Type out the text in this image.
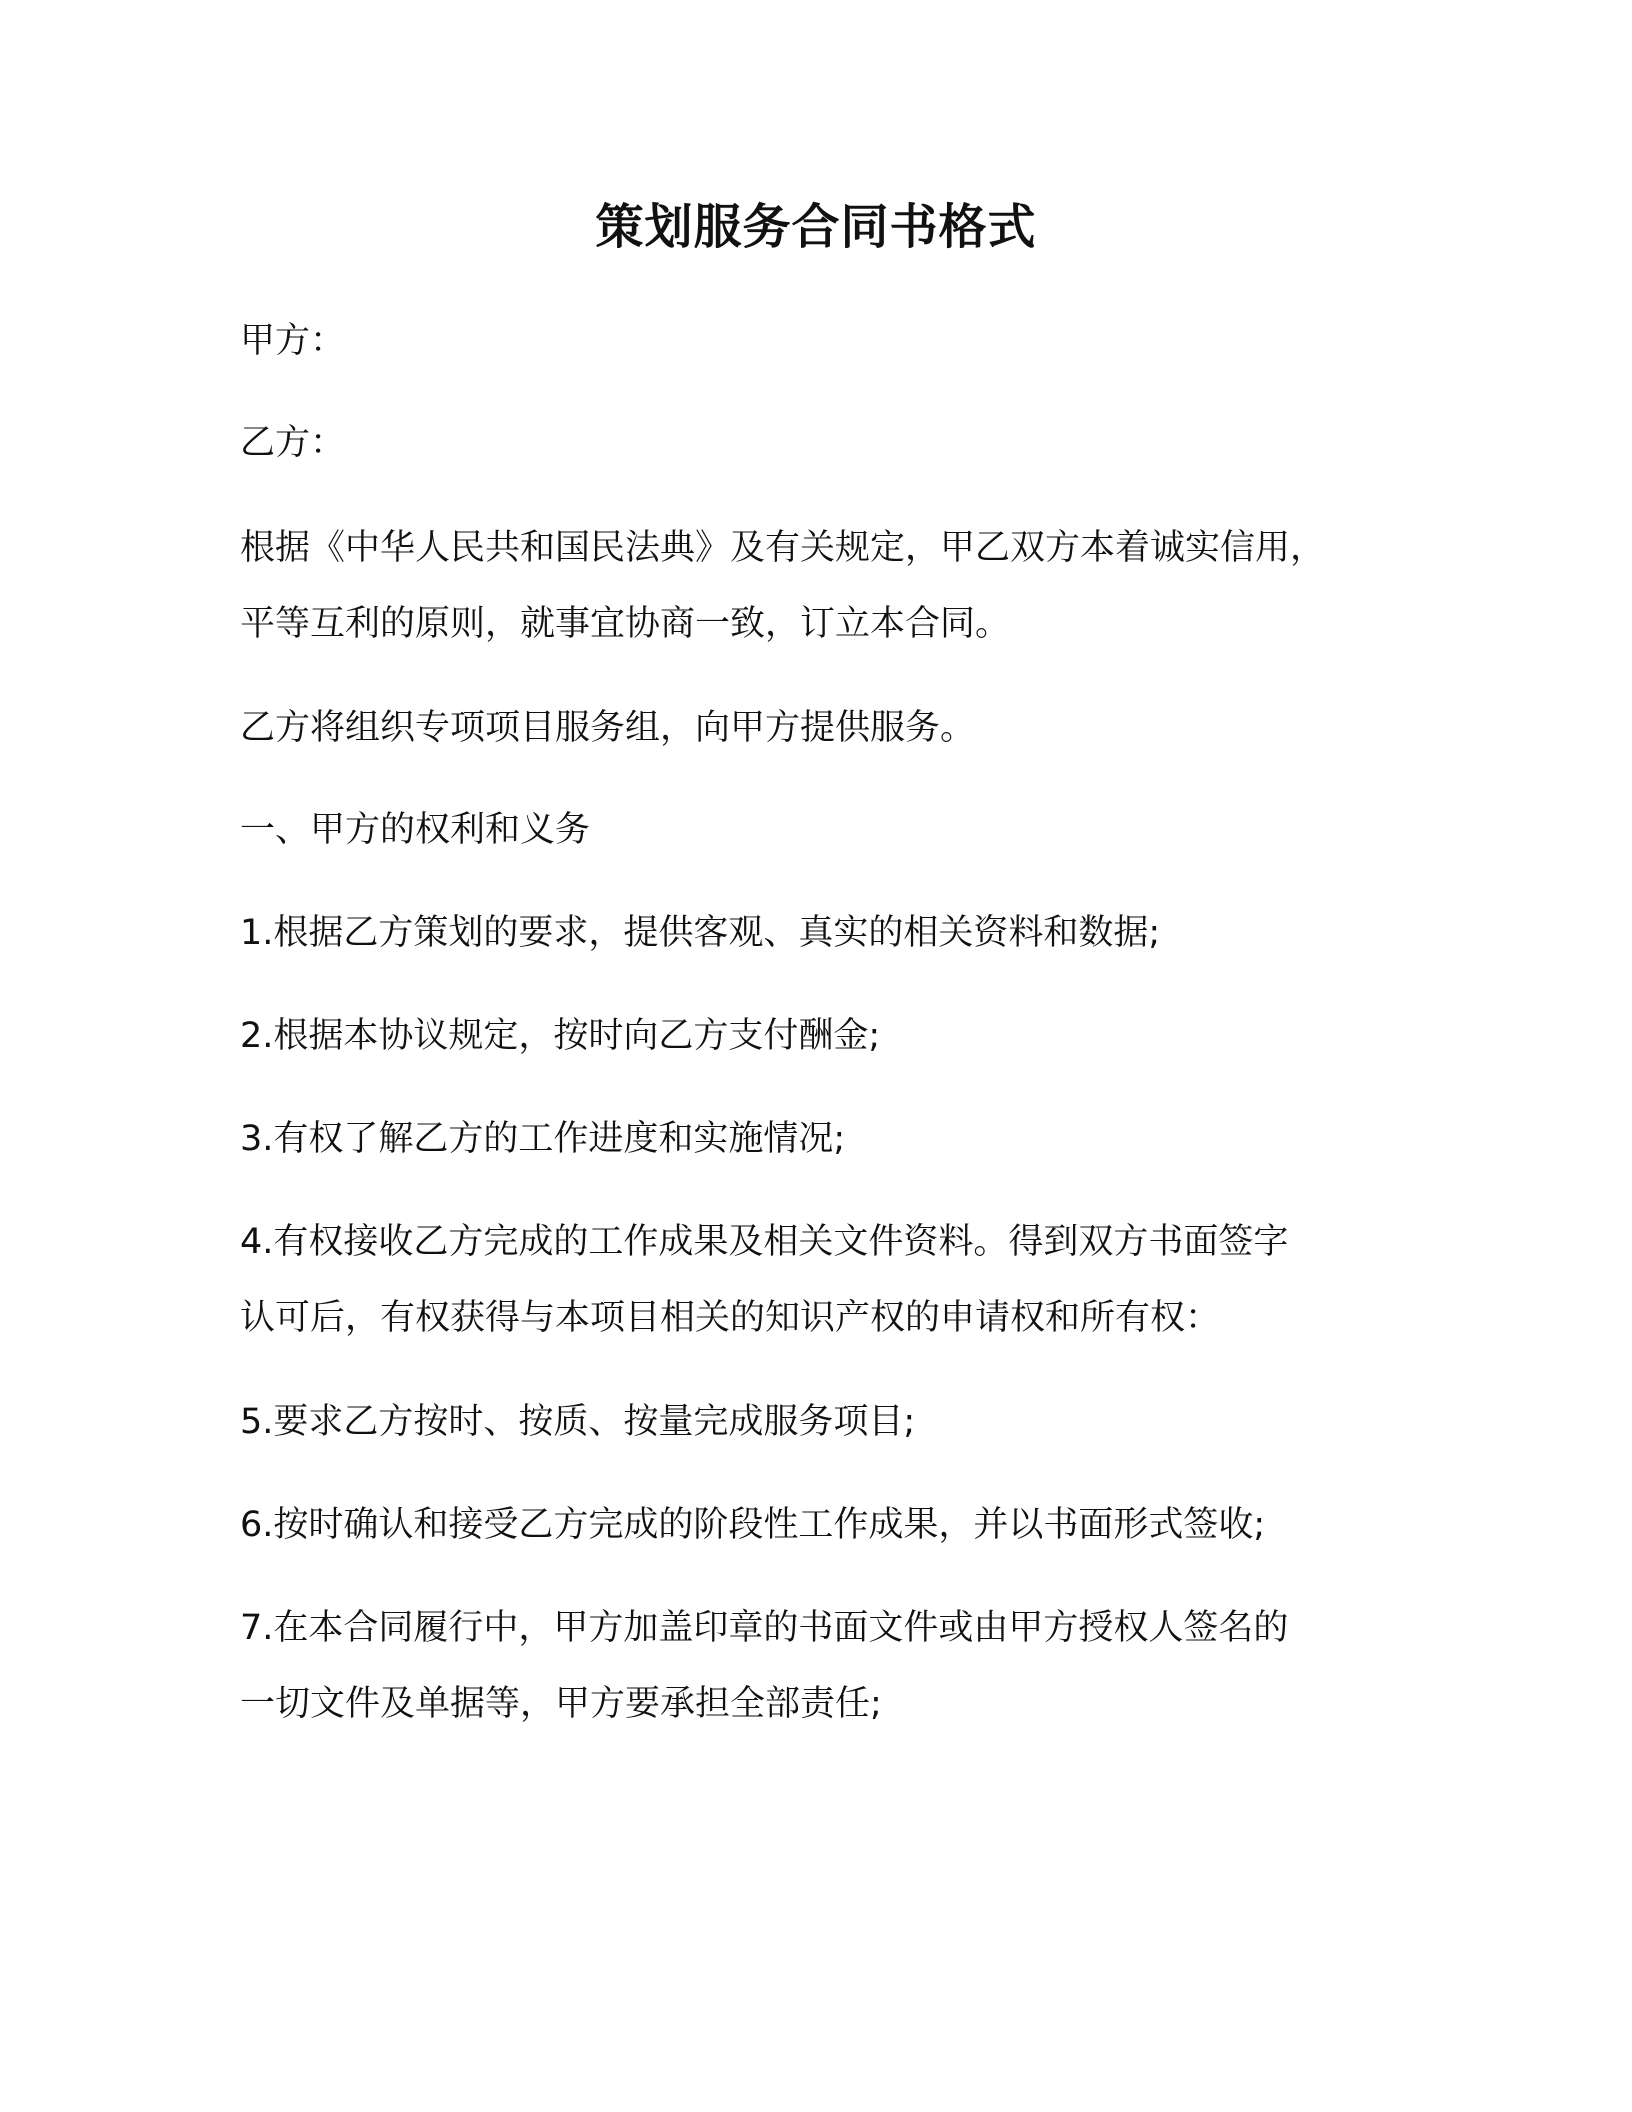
策划服务合同书格式
甲方：
乙方：
根据《中华人民共和国民法典》及有关规定，甲乙双方本着诚实信用，
平等互利的原则，就事宜协商一致，订立本合同。
乙方将组织专项项目服务组，向甲方提供服务。
一、甲方的权利和义务
1.根据乙方策划的要求，提供客观、真实的相关资料和数据;
2.根据本协议规定，按时向乙方支付酬金;
3.有权了解乙方的工作进度和实施情况;
4.有权接收乙方完成的工作成果及相关文件资料。得到双方书面签字
认可后，有权获得与本项目相关的知识产权的申请权和所有权：
5.要求乙方按时、按质、按量完成服务项目;
6.按时确认和接受乙方完成的阶段性工作成果，并以书面形式签收;
7.在本合同履行中，甲方加盖印章的书面文件或由甲方授权人签名的
一切文件及单据等，甲方要承担全部责任;
